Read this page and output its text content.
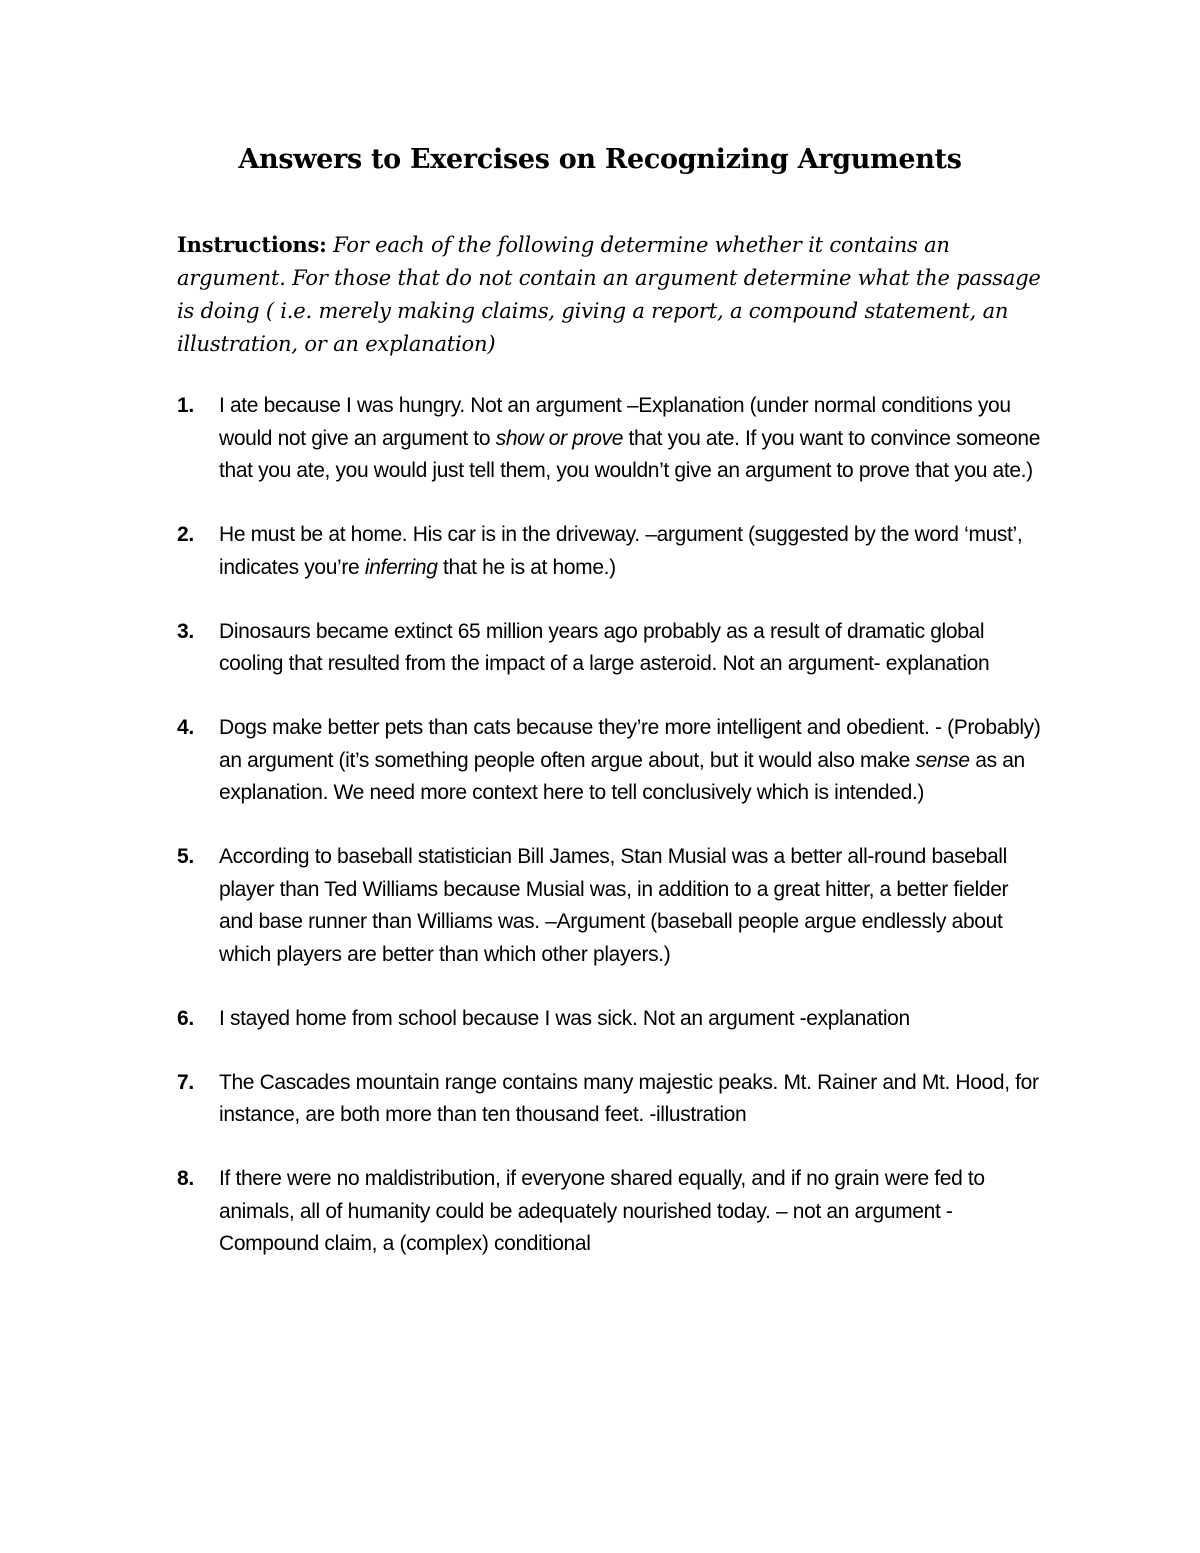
Answers to Exercises on Recognizing Arguments
Instructions: For each of the following determine whether it contains an argument. For those that do not contain an argument determine what the passage is doing ( i.e. merely making claims, giving a report, a compound statement, an illustration, or an explanation)
1.	I ate because I was hungry. Not an argument –Explanation (under normal conditions you would not give an argument to show or prove that you ate. If you want to convince someone that you ate, you would just tell them, you wouldn’t give an argument to prove that you ate.)
2.	He must be at home. His car is in the driveway. –argument (suggested by the word ‘must’, indicates you’re inferring that he is at home.)
3.	Dinosaurs became extinct 65 million years ago probably as a result of dramatic global cooling that resulted from the impact of a large asteroid. Not an argument- explanation
4.	Dogs make better pets than cats because they’re more intelligent and obedient. - (Probably) an argument (it’s something people often argue about, but it would also make sense as an explanation. We need more context here to tell conclusively which is intended.)
5.	According to baseball statistician Bill James, Stan Musial was a better all-round baseball player than Ted Williams because Musial was, in addition to a great hitter, a better fielder and base runner than Williams was. –Argument (baseball people argue endlessly about which players are better than which other players.)
6.	I stayed home from school because I was sick. Not an argument -explanation
7.	The Cascades mountain range contains many majestic peaks. Mt. Rainer and Mt. Hood, for instance, are both more than ten thousand feet. -illustration
8.	If there were no maldistribution, if everyone shared equally, and if no grain were fed to animals, all of humanity could be adequately nourished today. – not an argument - Compound claim, a (complex) conditional
